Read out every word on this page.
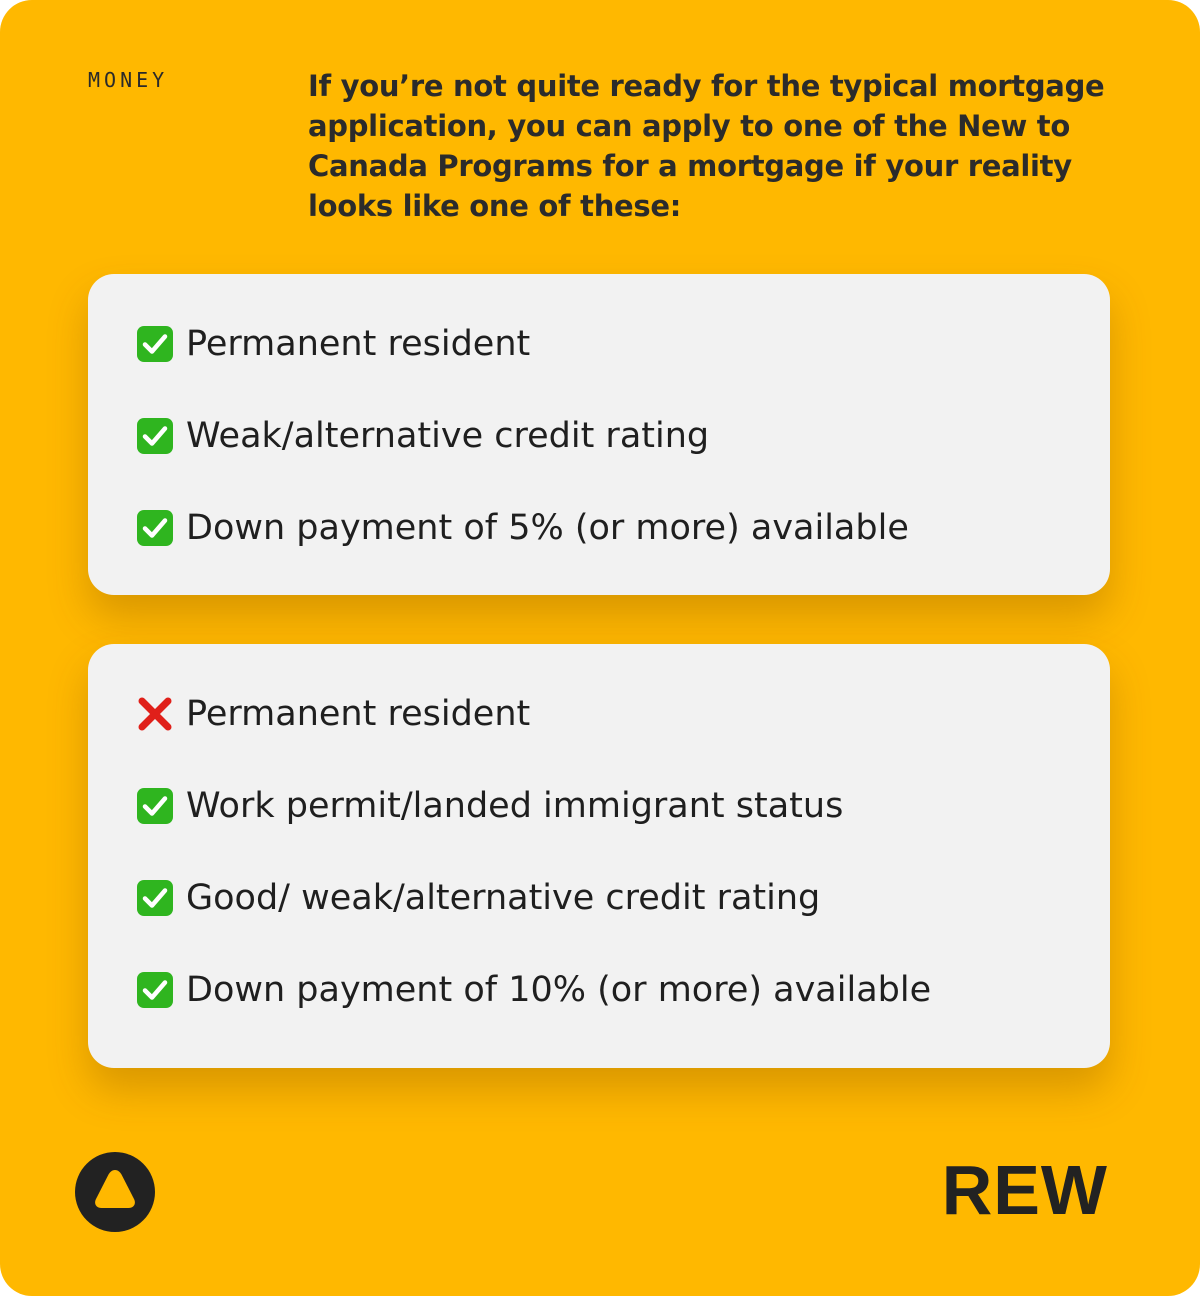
MONEY	If you’re not quite ready for the typical mortgage application, you can apply to one of the New to Canada Programs for a mortgage if your reality looks like one of these:
Permanent resident
Weak/alternative credit rating
Down payment of 5% (or more) available
Permanent resident
Work permit/landed immigrant status
Good/ weak/alternative credit rating
Down payment of 10% (or more) available
REW
